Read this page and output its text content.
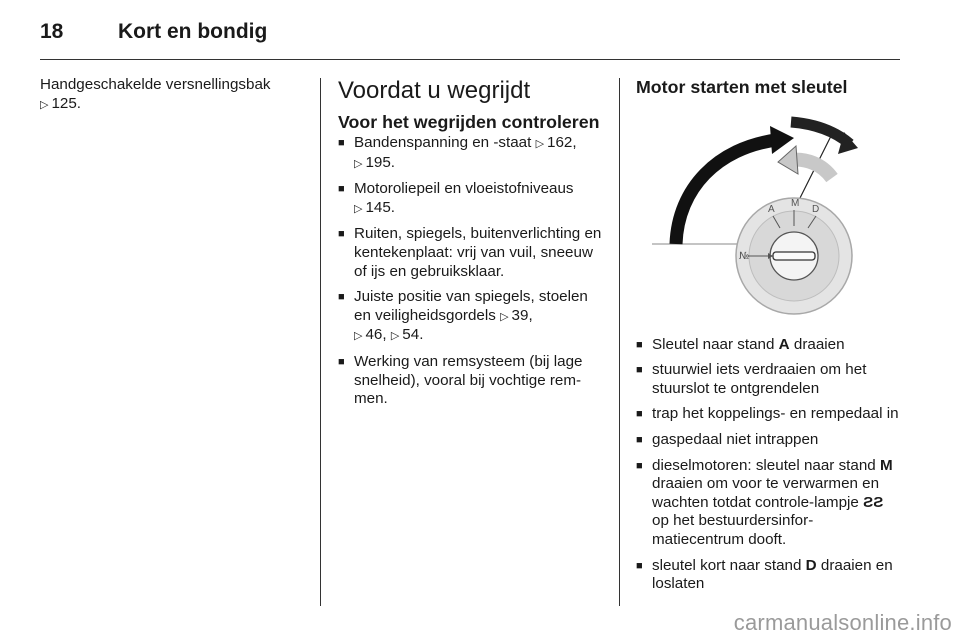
18	Kort en bondig
Handgeschakelde versnellingsbak
▷ 125.	Voordat u wegrijdt
Voor het wegrijden controleren
■ Bandenspanning en -staat ▷ 162,
▷ 195.
■ Motoroliepeil en vloeistofniveaus
▷ 145.
■ Ruiten, spiegels, buitenverlichting en kentekenplaat: vrij van vuil, sneeuw of ijs en gebruiksklaar.
■ Juiste positie van spiegels, stoelen en veiligheidsgordels ▷ 39,
▷ 46, ▷ 54.
■ Werking van remsysteem (bij lage snelheid), vooral bij vochtige rem-men.
Motor starten met sleutel
A
M
D
№
■ Sleutel naar stand A draaien
■ stuurwiel iets verdraaien om het stuurslot te ontgrendelen
■ trap het koppelings- en rempedaal in
■ gaspedaal niet intrappen
■ dieselmotoren: sleutel naar stand M draaien om voor te verwarmen en wachten totdat controle-lampje ƧƧ op het bestuurdersinfor-matiecentrum dooft.
■ sleutel kort naar stand D draaien en loslaten
carmanualsonline.info
